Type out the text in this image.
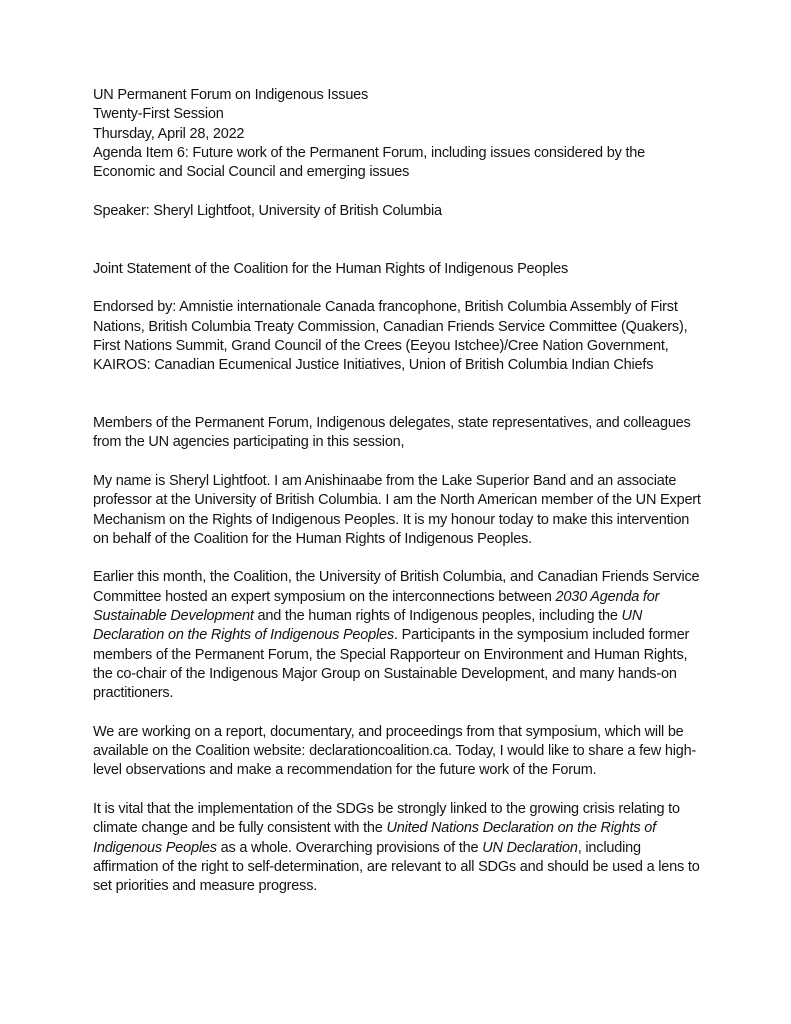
UN Permanent Forum on Indigenous Issues

Twenty-First Session

Thursday, April 28, 2022

Agenda Item 6: Future work of the Permanent Forum, including issues considered by the Economic and Social Council and emerging issues

Speaker: Sheryl Lightfoot, University of British Columbia

Joint Statement of the Coalition for the Human Rights of Indigenous Peoples

Endorsed by: Amnistie internationale Canada francophone, British Columbia Assembly of First Nations, British Columbia Treaty Commission, Canadian Friends Service Committee (Quakers), First Nations Summit, Grand Council of the Crees (Eeyou Istchee)/Cree Nation Government, KAIROS: Canadian Ecumenical Justice Initiatives, Union of British Columbia Indian Chiefs

Members of the Permanent Forum, Indigenous delegates, state representatives, and colleagues from the UN agencies participating in this session,

My name is Sheryl Lightfoot. I am Anishinaabe from the Lake Superior Band and an associate professor at the University of British Columbia. I am the North American member of the UN Expert Mechanism on the Rights of Indigenous Peoples. It is my honour today to make this intervention on behalf of the Coalition for the Human Rights of Indigenous Peoples.

Earlier this month, the Coalition, the University of British Columbia, and Canadian Friends Service Committee hosted an expert symposium on the interconnections between 2030 Agenda for Sustainable Development and the human rights of Indigenous peoples, including the UN Declaration on the Rights of Indigenous Peoples. Participants in the symposium included former members of the Permanent Forum, the Special Rapporteur on Environment and Human Rights, the co-chair of the Indigenous Major Group on Sustainable Development, and many hands-on practitioners.

We are working on a report, documentary, and proceedings from that symposium, which will be available on the Coalition website: declarationcoalition.ca. Today, I would like to share a few high-level observations and make a recommendation for the future work of the Forum.

It is vital that the implementation of the SDGs be strongly linked to the growing crisis relating to climate change and be fully consistent with the United Nations Declaration on the Rights of Indigenous Peoples as a whole. Overarching provisions of the UN Declaration, including affirmation of the right to self-determination, are relevant to all SDGs and should be used a lens to set priorities and measure progress.
